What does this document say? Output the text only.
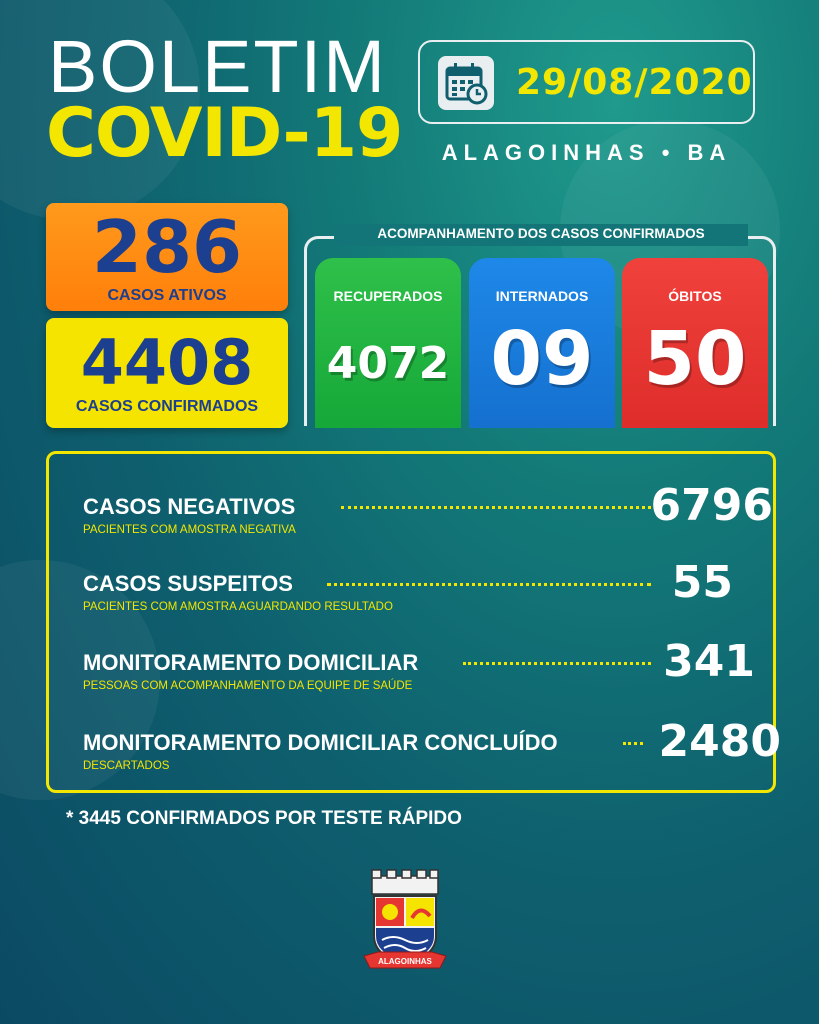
BOLETIM
COVID-19
29/08/2020
ALAGOINHAS • BA
286
CASOS ATIVOS
4408
CASOS CONFIRMADOS
ACOMPANHAMENTO DOS CASOS CONFIRMADOS
RECUPERADOS
4072
INTERNADOS
09
ÓBITOS
50
CASOS NEGATIVOS
PACIENTES COM AMOSTRA NEGATIVA	6796
CASOS SUSPEITOS
PACIENTES COM AMOSTRA AGUARDANDO RESULTADO	55
MONITORAMENTO DOMICILIAR
PESSOAS COM ACOMPANHAMENTO DA EQUIPE DE SAÚDE	341
MONITORAMENTO DOMICILIAR CONCLUÍDO
DESCARTADOS	2480
* 3445 CONFIRMADOS POR TESTE RÁPIDO
ALAGOINHAS
